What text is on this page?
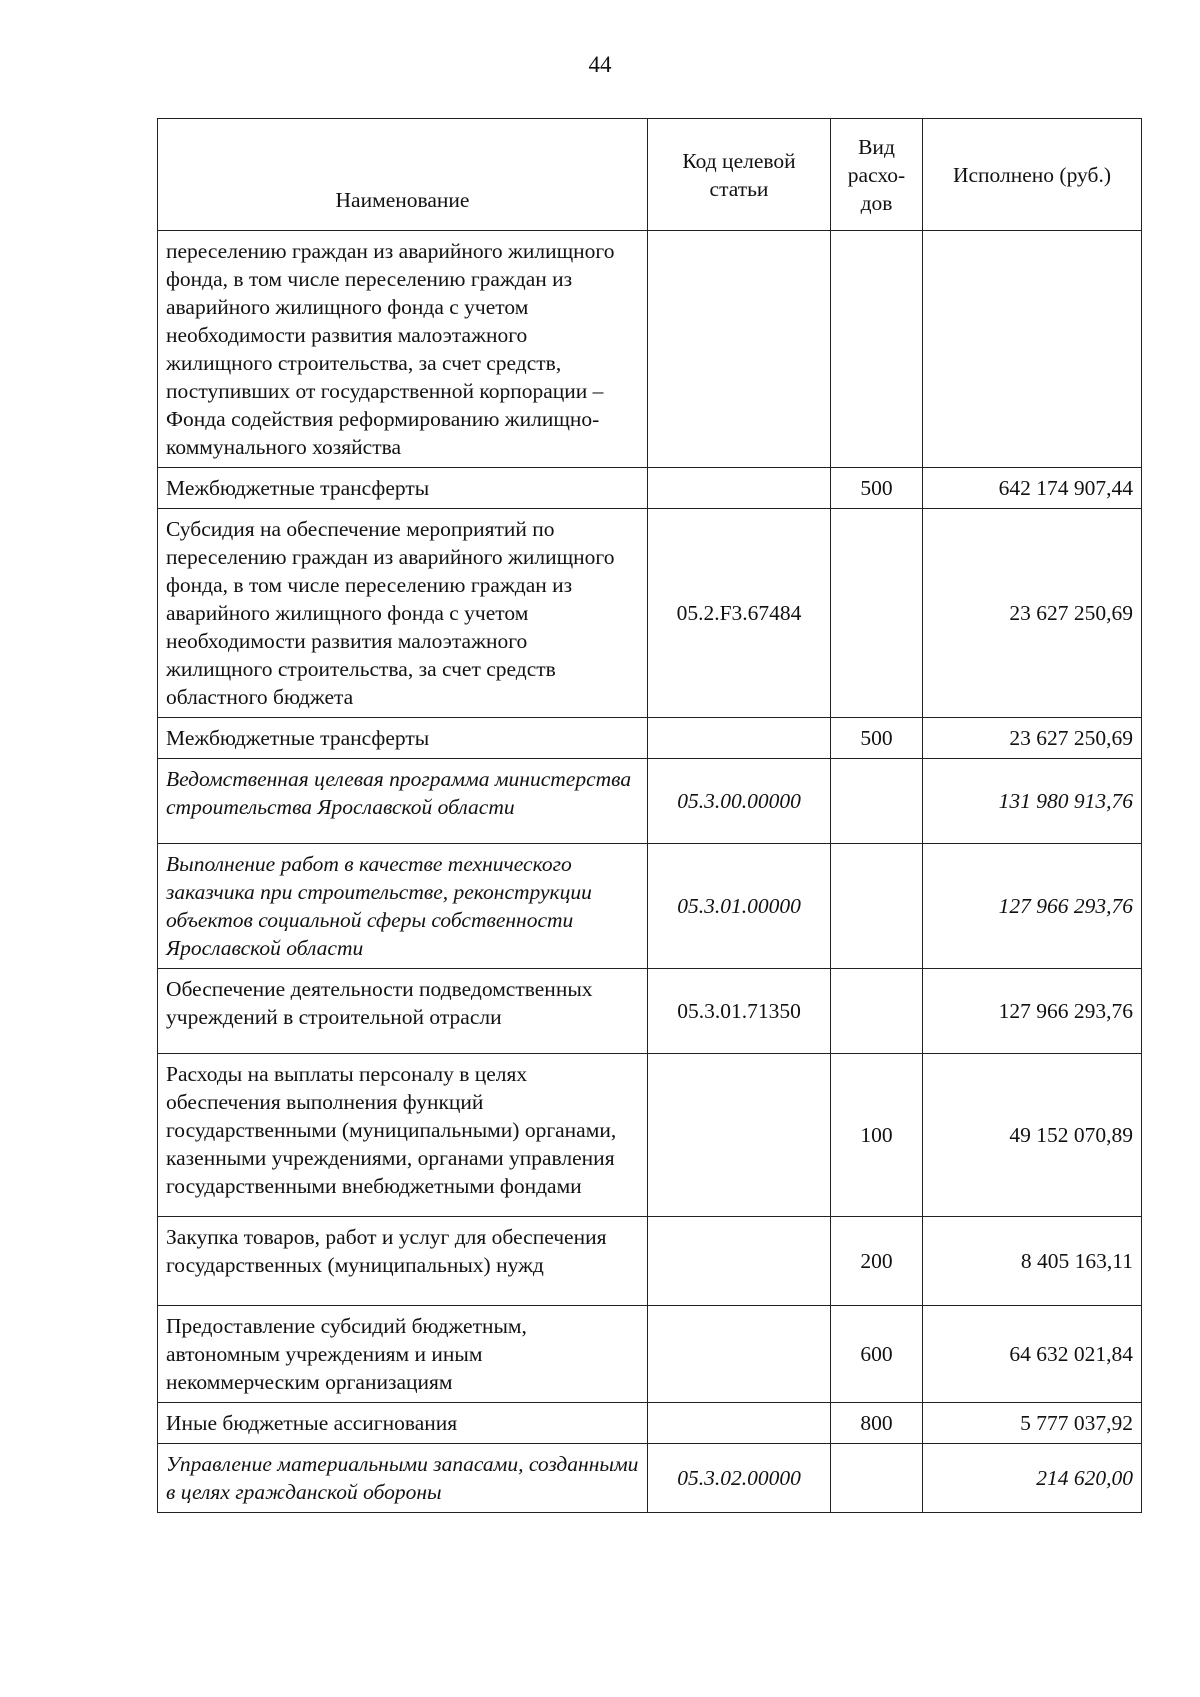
44
Наименование	Код целевой статьи	Вид расхо-дов	Исполнено (руб.)
переселению граждан из аварийного жилищного фонда, в том числе переселению граждан из аварийного жилищного фонда с учетом необходимости развития малоэтажного жилищного строительства, за счет средств, поступивших от государственной корпорации – Фонда содействия реформированию жилищно-коммунального хозяйства			
Межбюджетные трансферты		500	642 174 907,44
Субсидия на обеспечение мероприятий по переселению граждан из аварийного жилищного фонда, в том числе переселению граждан из аварийного жилищного фонда с учетом необходимости развития малоэтажного жилищного строительства, за счет средств областного бюджета	05.2.F3.67484		23 627 250,69
Межбюджетные трансферты		500	23 627 250,69
Ведомственная целевая программа министерства строительства Ярославской области	05.3.00.00000		131 980 913,76
Выполнение работ в качестве технического заказчика при строительстве, реконструкции объектов социальной сферы собственности Ярославской области	05.3.01.00000		127 966 293,76
Обеспечение деятельности подведомственных учреждений в строительной отрасли	05.3.01.71350		127 966 293,76
Расходы на выплаты персоналу в целях обеспечения выполнения функций государственными (муниципальными) органами, казенными учреждениями, органами управления государственными внебюджетными фондами		100	49 152 070,89
Закупка товаров, работ и услуг для обеспечения государственных (муниципальных) нужд		200	8 405 163,11
Предоставление субсидий бюджетным, автономным учреждениям и иным некоммерческим организациям		600	64 632 021,84
Иные бюджетные ассигнования		800	5 777 037,92
Управление материальными запасами, созданными в целях гражданской обороны	05.3.02.00000		214 620,00
